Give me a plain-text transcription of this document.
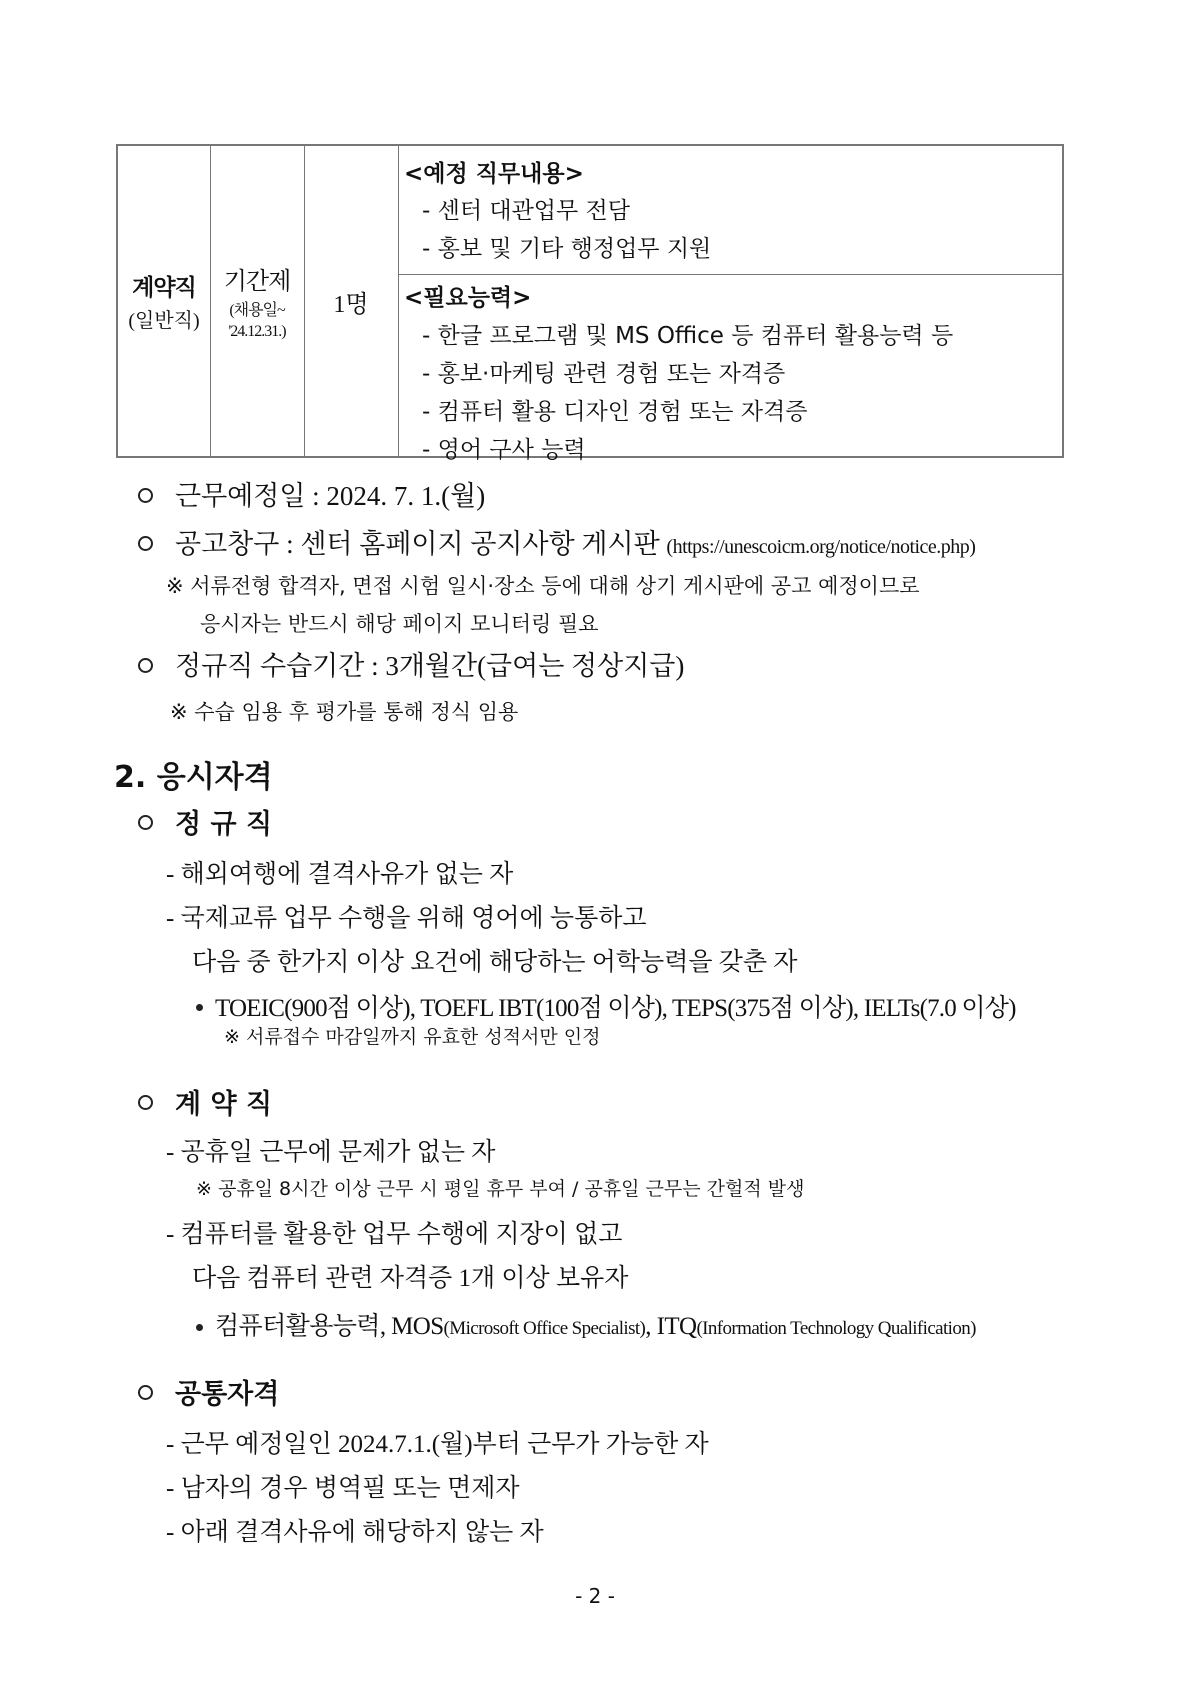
계약직
(일반직)
기간제
(채용일~
'24.12.31.)
1명
<예정 직무내용>
- 센터 대관업무 전담
- 홍보 및 기타 행정업무 지원
<필요능력>
- 한글 프로그램 및 MS Office 등 컴퓨터 활용능력 등
- 홍보·마케팅 관련 경험 또는 자격증
- 컴퓨터 활용 디자인 경험 또는 자격증
- 영어 구사 능력
근무예정일 : 2024. 7. 1.(월)
공고창구 : 센터 홈페이지 공지사항 게시판 (https://unescoicm.org/notice/notice.php)
※ 서류전형 합격자, 면접 시험 일시·장소 등에 대해 상기 게시판에 공고 예정이므로
응시자는 반드시 해당 페이지 모니터링 필요
정규직 수습기간 : 3개월간(급여는 정상지급)
※ 수습 임용 후 평가를 통해 정식 임용
2. 응시자격
정 규 직
- 해외여행에 결격사유가 없는 자
- 국제교류 업무 수행을 위해 영어에 능통하고
다음 중 한가지 이상 요건에 해당하는 어학능력을 갖춘 자
TOEIC(900점 이상), TOEFL IBT(100점 이상), TEPS(375점 이상), IELTs(7.0 이상)
※ 서류접수 마감일까지 유효한 성적서만 인정
계 약 직
- 공휴일 근무에 문제가 없는 자
※ 공휴일 8시간 이상 근무 시 평일 휴무 부여 / 공휴일 근무는 간헐적 발생
- 컴퓨터를 활용한 업무 수행에 지장이 없고
다음 컴퓨터 관련 자격증 1개 이상 보유자
컴퓨터활용능력, MOS(Microsoft Office Specialist), ITQ(Information Technology Qualification)
공통자격
- 근무 예정일인 2024.7.1.(월)부터 근무가 가능한 자
- 남자의 경우 병역필 또는 면제자
- 아래 결격사유에 해당하지 않는 자
- 2 -
